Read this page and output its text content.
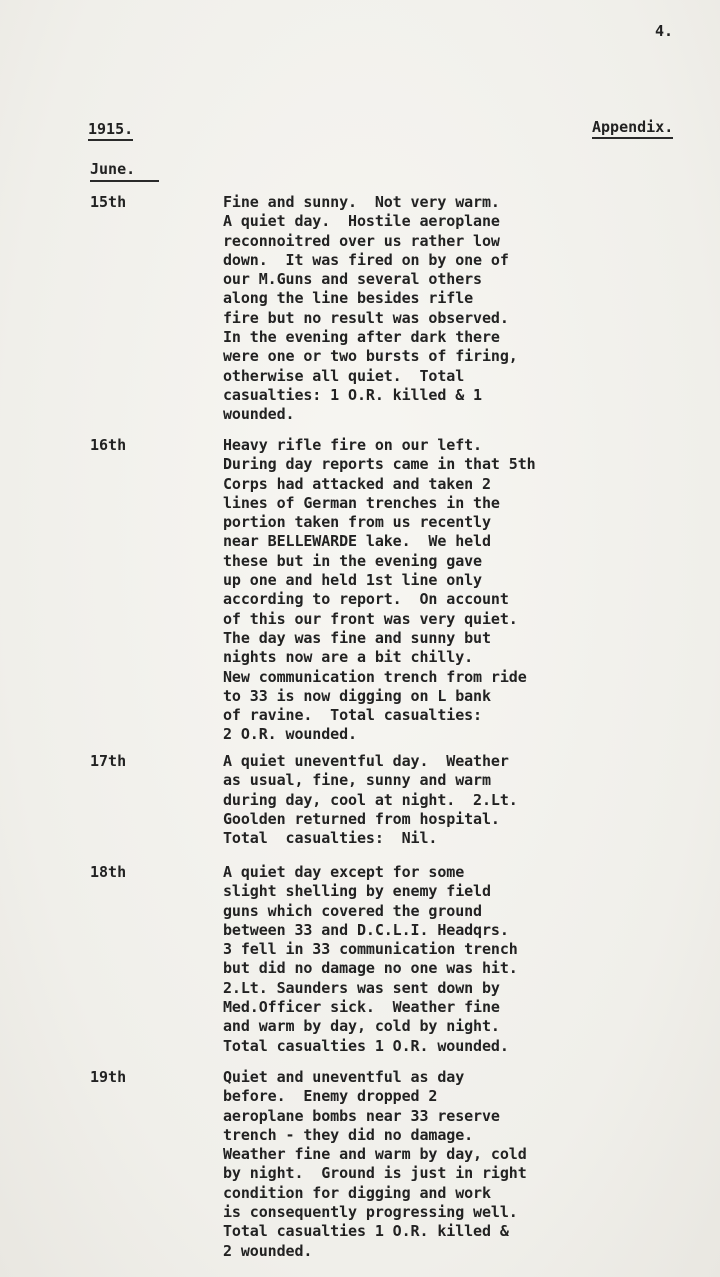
4.
1915.	Appendix.
June.
15th	Fine and sunny.  Not very warm.
A quiet day.  Hostile aeroplane
reconnoitred over us rather low
down.  It was fired on by one of
our M.Guns and several others
along the line besides rifle
fire but no result was observed.
In the evening after dark there
were one or two bursts of firing,
otherwise all quiet.  Total
casualties: 1 O.R. killed & 1
wounded.
16th	Heavy rifle fire on our left.
During day reports came in that 5th
Corps had attacked and taken 2
lines of German trenches in the
portion taken from us recently
near BELLEWARDE lake.  We held
these but in the evening gave
up one and held 1st line only
according to report.  On account
of this our front was very quiet.
The day was fine and sunny but
nights now are a bit chilly.
New communication trench from ride
to 33 is now digging on L bank
of ravine.  Total casualties:
2 O.R. wounded.
17th	A quiet uneventful day.  Weather
as usual, fine, sunny and warm
during day, cool at night.  2.Lt.
Goolden returned from hospital.
Total  casualties:  Nil.
18th	A quiet day except for some
slight shelling by enemy field
guns which covered the ground
between 33 and D.C.L.I. Headqrs.
3 fell in 33 communication trench
but did no damage no one was hit.
2.Lt. Saunders was sent down by
Med.Officer sick.  Weather fine
and warm by day, cold by night.
Total casualties 1 O.R. wounded.
19th	Quiet and uneventful as day
before.  Enemy dropped 2
aeroplane bombs near 33 reserve
trench - they did no damage.
Weather fine and warm by day, cold
by night.  Ground is just in right
condition for digging and work
is consequently progressing well.
Total casualties 1 O.R. killed &
2 wounded.
